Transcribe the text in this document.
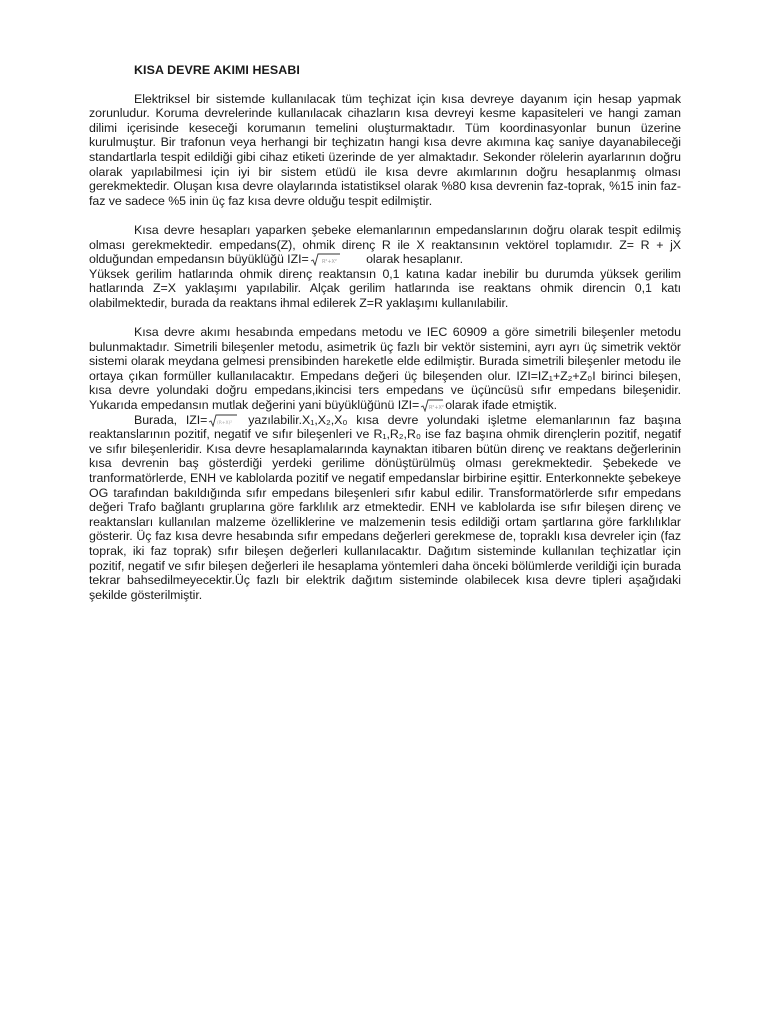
KISA DEVRE AKIMI HESABI

Elektriksel bir sistemde kullanılacak tüm teçhizat için kısa devreye dayanım için hesap yapmak zorunludur. Koruma devrelerinde kullanılacak cihazların kısa devreyi kesme kapasiteleri ve hangi zaman dilimi içerisinde keseceği korumanın temelini oluşturmaktadır. Tüm koordinasyonlar bunun üzerine kurulmuştur. Bir trafonun veya herhangi bir teçhizatın hangi kısa devre akımına kaç saniye dayanabileceği standartlarla tespit edildiği gibi cihaz etiketi üzerinde de yer almaktadır. Sekonder rölelerin ayarlarının doğru olarak yapılabilmesi için iyi bir sistem etüdü ile kısa devre akımlarının doğru hesaplanmış olması gerekmektedir. Oluşan kısa devre olaylarında istatistiksel olarak %80 kısa devrenin faz-toprak, %15 inin faz-faz ve sadece %5 inin üç faz kısa devre olduğu tespit edilmiştir.

Kısa devre hesapları yaparken şebeke elemanlarının empedanslarının doğru olarak tespit edilmiş olması gerekmektedir. empedans(Z), ohmik direnç R ile X reaktansının vektörel toplamıdır. Z= R + jX olduğundan empedansın büyüklüğü IZI=	R²+X² olarak hesaplanır.
Yüksek gerilim hatlarında ohmik direnç reaktansın 0,1 katına kadar inebilir bu durumda yüksek gerilim hatlarında Z=X yaklaşımı yapılabilir. Alçak gerilim hatlarında ise reaktans ohmik direncin 0,1 katı olabilmektedir, burada da reaktans ihmal edilerek Z=R yaklaşımı kullanılabilir.

Kısa devre akımı hesabında empedans metodu ve IEC 60909 a göre simetrili bileşenler metodu bulunmaktadır. Simetrili bileşenler metodu, asimetrik üç fazlı bir vektör sistemini, ayrı ayrı üç simetrik vektör sistemi olarak meydana gelmesi prensibinden hareketle elde edilmiştir. Burada simetrili bileşenler metodu ile ortaya çıkan formüller kullanılacaktır. Empedans değeri üç bileşenden olur. IZI=IZ₁+Z₂+Z₀I birinci bileşen, kısa devre yolundaki doğru empedans,ikincisi ters empedans ve üçüncüsü sıfır empedans bileşenidir. Yukarıda empedansın mutlak değerini yani büyüklüğünü IZI= R²+X² olarak ifade etmiştik.

Burada, IZI= (R+X)² yazılabilir.X₁,X₂,X₀ kısa devre yolundaki işletme elemanlarının faz başına reaktanslarının pozitif, negatif ve sıfır bileşenleri ve R₁,R₂,R₀ ise faz başına ohmik dirençlerin pozitif, negatif ve sıfır bileşenleridir. Kısa devre hesaplamalarında kaynaktan itibaren bütün direnç ve reaktans değerlerinin kısa devrenin baş gösterdiği yerdeki gerilime dönüştürülmüş olması gerekmektedir. Şebekede ve tranformatörlerde, ENH ve kablolarda pozitif ve negatif empedanslar birbirine eşittir. Enterkonnekte şebekeye OG tarafından bakıldığında sıfır empedans bileşenleri sıfır kabul edilir. Transformatörlerde sıfır empedans değeri Trafo bağlantı gruplarına göre farklılık arz etmektedir. ENH ve kablolarda ise sıfır bileşen direnç ve reaktansları kullanılan malzeme özelliklerine ve malzemenin tesis edildiği ortam şartlarına göre farklılıklar gösterir. Üç faz kısa devre hesabında sıfır empedans değerleri gerekmese de, topraklı kısa devreler için (faz toprak, iki faz toprak) sıfır bileşen değerleri kullanılacaktır. Dağıtım sisteminde kullanılan teçhizatlar için pozitif, negatif ve sıfır bileşen değerleri ile hesaplama yöntemleri daha önceki bölümlerde verildiği için burada tekrar bahsedilmeyecektir.Üç fazlı bir elektrik dağıtım sisteminde olabilecek kısa devre tipleri aşağıdaki şekilde gösterilmiştir.
